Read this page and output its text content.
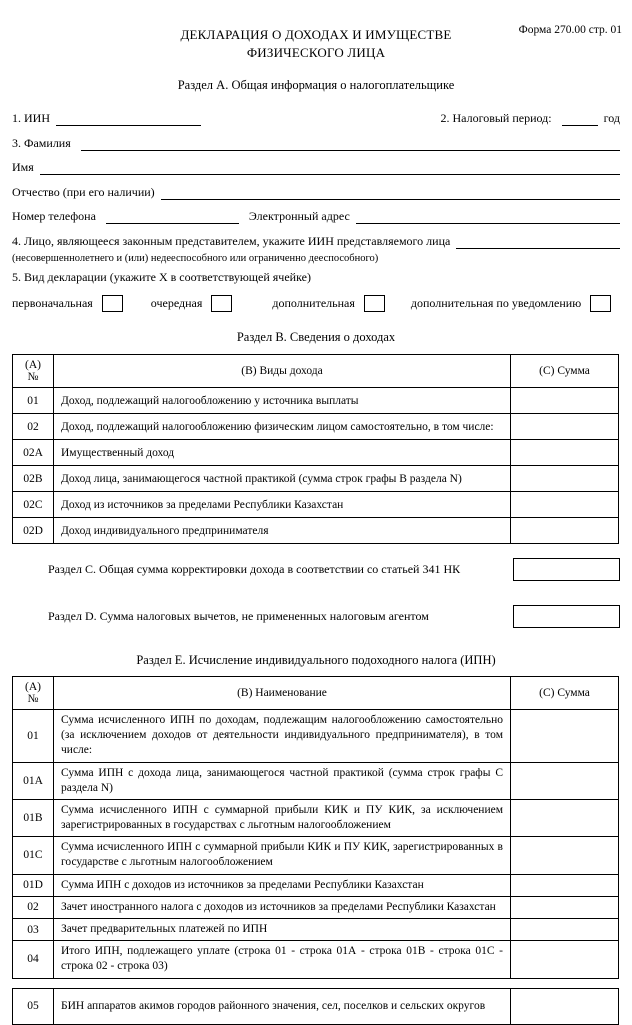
Форма 270.00 стр. 01
ДЕКЛАРАЦИЯ О ДОХОДАХ И ИМУЩЕСТВЕ
ФИЗИЧЕСКОГО ЛИЦА
Раздел А. Общая информация о налогоплательщике
1. ИИН	2. Налоговый период:	год
3. Фамилия
Имя
Отчество (при его наличии)
Номер телефона	Электронный адрес
4. Лицо, являющееся законным представителем, укажите ИИН представляемого лица
(несовершеннолетнего и (или) недееспособного или ограниченно дееспособного)
5. Вид декларации (укажите X в соответствующей ячейке)
первоначальная	очередная	дополнительная	дополнительная по уведомлению
Раздел В. Сведения о доходах
(А) №	(В) Виды дохода	(С) Сумма
01	Доход, подлежащий налогообложению у источника выплаты	
02	Доход, подлежащий налогообложению физическим лицом самостоятельно, в том числе:	
02A	Имущественный доход	
02B	Доход лица, занимающегося частной практикой (сумма строк графы В раздела N)	
02C	Доход из источников за пределами Республики Казахстан	
02D	Доход индивидуального предпринимателя	
Раздел С. Общая сумма корректировки дохода в соответствии со статьей 341 НК
Раздел D. Сумма налоговых вычетов, не примененных налоговым агентом
Раздел Е. Исчисление индивидуального подоходного налога (ИПН)
(А) №	(В) Наименование	(С) Сумма
01	Сумма исчисленного ИПН по доходам, подлежащим налогообложению самостоятельно (за исключением доходов от деятельности индивидуального предпринимателя), в том числе:	
01A	Сумма ИПН с дохода лица, занимающегося частной практикой (сумма строк графы С раздела N)	
01B	Сумма исчисленного ИПН с суммарной прибыли КИК и ПУ КИК, за исключением зарегистрированных в государствах с льготным налогообложением	
01C	Сумма исчисленного ИПН с суммарной прибыли КИК и ПУ КИК, зарегистрированных в государстве с льготным налогообложением	
01D	Сумма ИПН с доходов из источников за пределами Республики Казахстан	
02	Зачет иностранного налога с доходов из источников за пределами Республики Казахстан	
03	Зачет предварительных платежей по ИПН	
04	Итого ИПН, подлежащего уплате (строка 01 - строка 01А - строка 01В - строка 01С - строка 02 - строка 03)	
05	БИН аппаратов акимов городов районного значения, сел, поселков и сельских округов	
